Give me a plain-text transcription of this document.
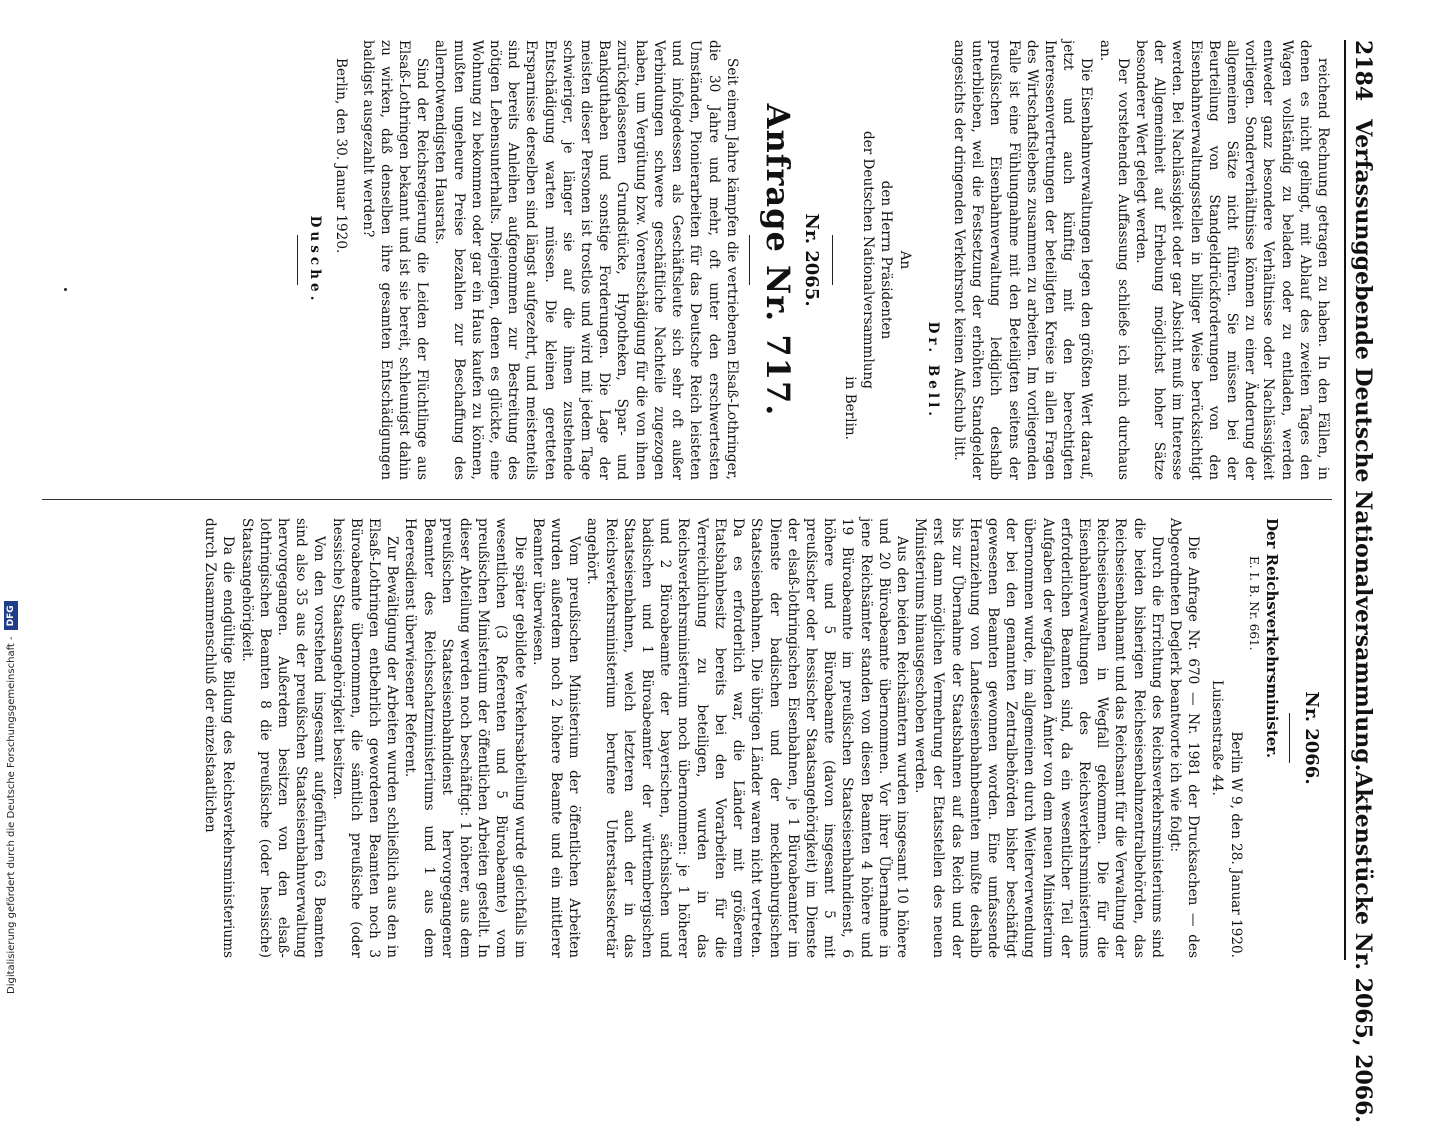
Digitalisierung gefördert durch die Deutsche Forschungsgemeinschaft -
DFG
2184
Verfassunggebende Deutsche Nationalversammlung.
Aktenstücke Nr. 2065, 2066.

reichend Rechnung getragen zu haben. In den Fällen, in denen es nicht gelingt, mit Ablauf des zweiten Tages den Wagen vollständig zu beladen oder zu entladen, werden entweder ganz besondere Verhältnisse oder Nachlässigkeit vorliegen. Sonderverhältnisse können zu einer Änderung der allgemeinen Sätze nicht führen. Sie müssen bei der Beurteilung von Standgeldrückforderungen von den Eisenbahnverwaltungsstellen in billiger Weise berücksichtigt werden. Bei Nachlässigkeit oder gar Absicht muß im Interesse der Allgemeinheit auf Erhebung möglichst hoher Sätze besonderer Wert gelegt werden.

Der vorstehenden Auffassung schließe ich mich durchaus an.

Die Eisenbahnverwaltungen legen den größten Wert darauf, jetzt und auch künftig mit den berechtigten Interessenvertretungen der beteiligten Kreise in allen Fragen des Wirtschaftslebens zusammen zu arbeiten. Im vorliegenden Falle ist eine Fühlungnahme mit den Beteiligten seitens der preußischen Eisenbahnverwaltung lediglich deshalb unterblieben, weil die Festsetzung der erhöhten Standgelder angesichts der dringenden Verkehrsnot keinen Aufschub litt.

Dr. Bell.

An

den Herrn Präsidenten

der Deutschen Nationalversammlung

in Berlin.

Nr. 2065.

Anfrage Nr. 717.

Seit einem Jahre kämpfen die vertriebenen Elsaß-Lothringer, die 30 Jahre und mehr, oft unter den erschwertesten Umständen, Pionierarbeiten für das Deutsche Reich leisteten und infolgedessen als Geschäftsleute sich sehr oft außer Verbindungen schwere geschäftliche Nachteile zugezogen haben, um Vergütung bzw. Vorentschädigung für die von ihnen zurückgelassenen Grundstücke, Hypotheken, Spar- und Bankguthaben und sonstige Forderungen. Die Lage der meisten dieser Personen ist trostlos und wird mit jedem Tage schwieriger, je länger sie auf die ihnen zustehende Entschädigung warten müssen. Die kleinen geretteten Ersparnisse derselben sind längst aufgezehrt, und meistenteils sind bereits Anleihen aufgenommen zur Bestreitung des nötigen Lebensunterhalts. Diejenigen, denen es glückte, eine Wohnung zu bekommen oder gar ein Haus kaufen zu können, mußten ungeheure Preise bezahlen zur Beschaffung des allernotwendigsten Hausrats.

Sind der Reichsregierung die Leiden der Flüchtlinge aus Elsaß-Lothringen bekannt und ist sie bereit, schleunigst dahin zu wirken, daß denselben ihre gesamten Entschädigungen baldigst ausgezahlt werden?

Berlin, den 30. Januar 1920.

Dusche.

Nr. 2066.

Der Reichsverkehrsminister.

E. I. B. Nr. 661.

Berlin W 9, den 28. Januar 1920.

Luisenstraße 44.

Die Anfrage Nr. 670 — Nr. 1981 der Drucksachen — des Abgeordneten Deglerk beantworte ich wie folgt:

Durch die Errichtung des Reichsverkehrsministeriums sind die beiden bisherigen Reichseisenbahnzentralbehörden, das Reichseisenbahnamt und das Reichsamt für die Verwaltung der Reichseisenbahnen in Wegfall gekommen. Die für die Eisenbahnverwaltungen des Reichsverkehrsministeriums erforderlichen Beamten sind, da ein wesentlicher Teil der Aufgaben der wegfallenden Ämter von dem neuen Ministerium übernommen wurde, im allgemeinen durch Weiterverwendung der bei den genannten Zentralbehörden bisher beschäftigt gewesenen Beamten gewonnen worden. Eine umfassende Heranziehung von Landeseisenbahnbeamten mußte deshalb bis zur Übernahme der Staatsbahnen auf das Reich und der erst dann möglichen Vermehrung der Etatsstellen des neuen Ministeriums hinausgeschoben werden.

Aus den beiden Reichsämtern wurden insgesamt 10 höhere und 20 Büroabeamte übernommen. Vor ihrer Übernahme in jene Reichsämter standen von diesen Beamten 4 höhere und 19 Büroabeamte im preußischen Staatseisenbahndienst, 6 höhere und 5 Büroabeamte (davon insgesamt 5 mit preußischer oder hessischer Staatsangehörigkeit) im Dienste der elsaß-lothringischen Eisenbahnen, je 1 Büroabeamter im Dienste der badischen und der mecklenburgischen Staatseisenbahnen. Die übrigen Länder waren nicht vertreten. Da es erforderlich war, die Länder mit größerem Etatsbahnbesitz bereits bei den Vorarbeiten für die Verreichlichung zu beteiligen, wurden in das Reichsverkehrsministerium noch übernommen: je 1 höherer und 2 Büroabeamte der bayerischen, sächsischen und badischen und 1 Büroabeamter der württembergischen Staatseisenbahnen, welch letzteren auch der in das Reichsverkehrsministerium berufene Unterstaatssekretär angehört.

Vom preußischen Ministerium der öffentlichen Arbeiten wurden außerdem noch 2 höhere Beamte und ein mittlerer Beamter überwiesen.

Die später gebildete Verkehrsabteilung wurde gleichfalls im wesentlichen (3 Referenten und 5 Büroabeamte) vom preußischen Ministerium der öffentlichen Arbeiten gestellt. In dieser Abteilung werden noch beschäftigt: 1 höherer, aus dem preußischen Staatseisenbahndienst hervorgegangener Beamter des Reichsschatzministeriums und 1 aus dem Heeresdienst überwiesener Referent.

Zur Bewältigung der Arbeiten wurden schließlich aus den in Elsaß-Lothringen entbehrlich gewordenen Beamten noch 3 Büroabeamte übernommen, die sämtlich preußische (oder hessische) Staatsangehörigkeit besitzen.

Von den vorstehend insgesamt aufgeführten 63 Beamten sind also 35 aus der preußischen Staatseisenbahnverwaltung hervorgegangen. Außerdem besitzen von den elsaß-lothringischen Beamten 8 die preußische (oder hessische) Staatsangehörigkeit.

Da die endgültige Bildung des Reichsverkehrsministeriums durch Zusammenschluß der einzelstaatlichen
